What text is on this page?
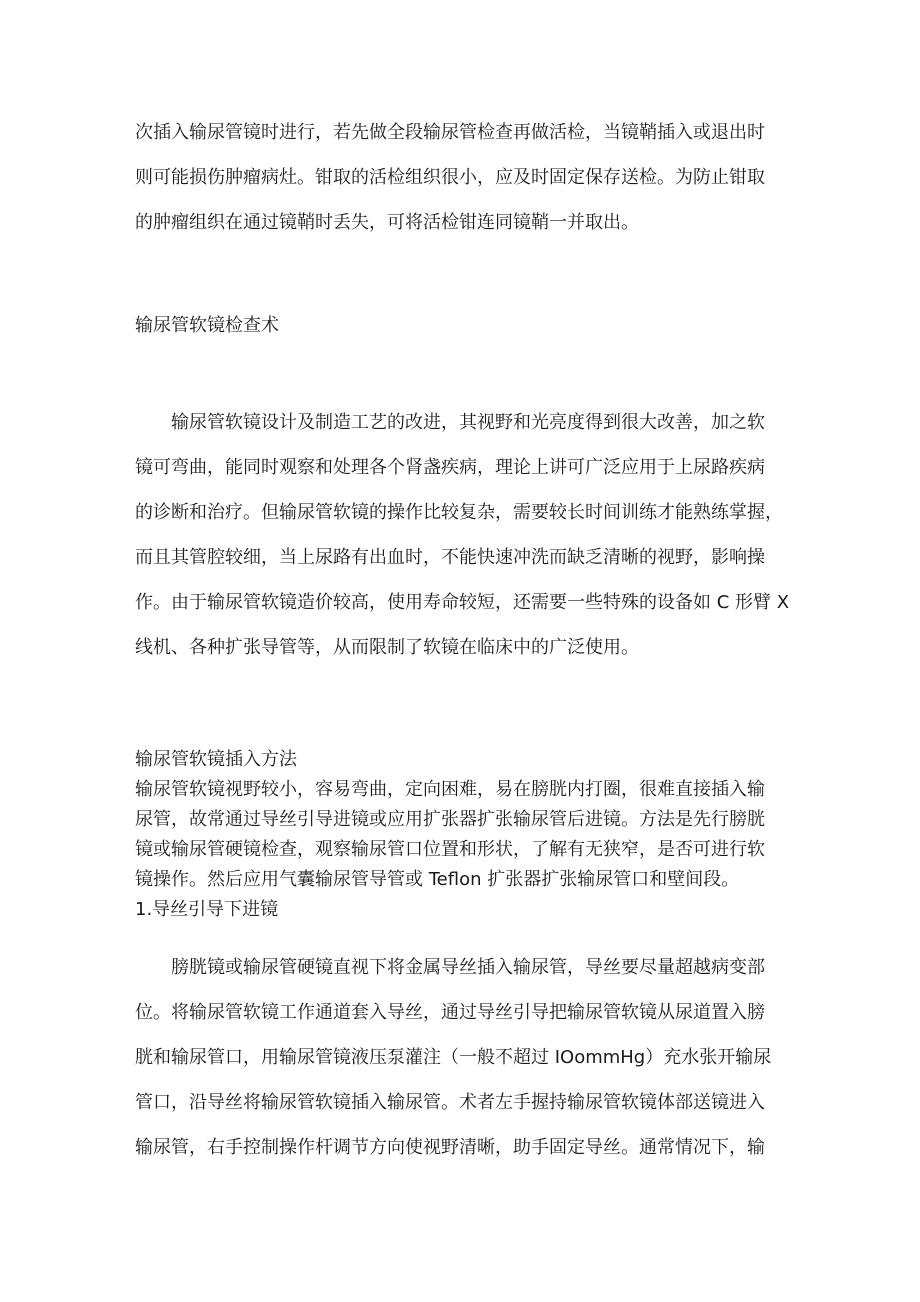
次插入输尿管镜时进行，若先做全段输尿管检查再做活检，当镜鞘插入或退出时
则可能损伤肿瘤病灶。钳取的活检组织很小，应及时固定保存送检。为防止钳取
的肿瘤组织在通过镜鞘时丢失，可将活检钳连同镜鞘一并取出。
输尿管软镜检查术
　　输尿管软镜设计及制造工艺的改进，其视野和光亮度得到很大改善，加之软
镜可弯曲，能同时观察和处理各个肾盏疾病，理论上讲可广泛应用于上尿路疾病
的诊断和治疗。但输尿管软镜的操作比较复杂，需要较长时间训练才能熟练掌握，
而且其管腔较细，当上尿路有出血时，不能快速冲洗而缺乏清晰的视野，影响操
作。由于输尿管软镜造价较高，使用寿命较短，还需要一些特殊的设备如 C 形臂 X
线机、各种扩张导管等，从而限制了软镜在临床中的广泛使用。
输尿管软镜插入方法
输尿管软镜视野较小，容易弯曲，定向困难，易在膀胱内打圈，很难直接插入输
尿管，故常通过导丝引导进镜或应用扩张器扩张输尿管后进镜。方法是先行膀胱
镜或输尿管硬镜检查，观察输尿管口位置和形状，了解有无狭窄，是否可进行软
镜操作。然后应用气囊输尿管导管或 Teflon 扩张器扩张输尿管口和壁间段。
1.导丝引导下进镜
　　膀胱镜或输尿管硬镜直视下将金属导丝插入输尿管，导丝要尽量超越病变部
位。将输尿管软镜工作通道套入导丝，通过导丝引导把输尿管软镜从尿道置入膀
胱和输尿管口，用输尿管镜液压泵灌注（一般不超过 IOommHg）充水张开输尿
管口，沿导丝将输尿管软镜插入输尿管。术者左手握持输尿管软镜体部送镜进入
输尿管，右手控制操作杆调节方向使视野清晰，助手固定导丝。通常情况下，输
